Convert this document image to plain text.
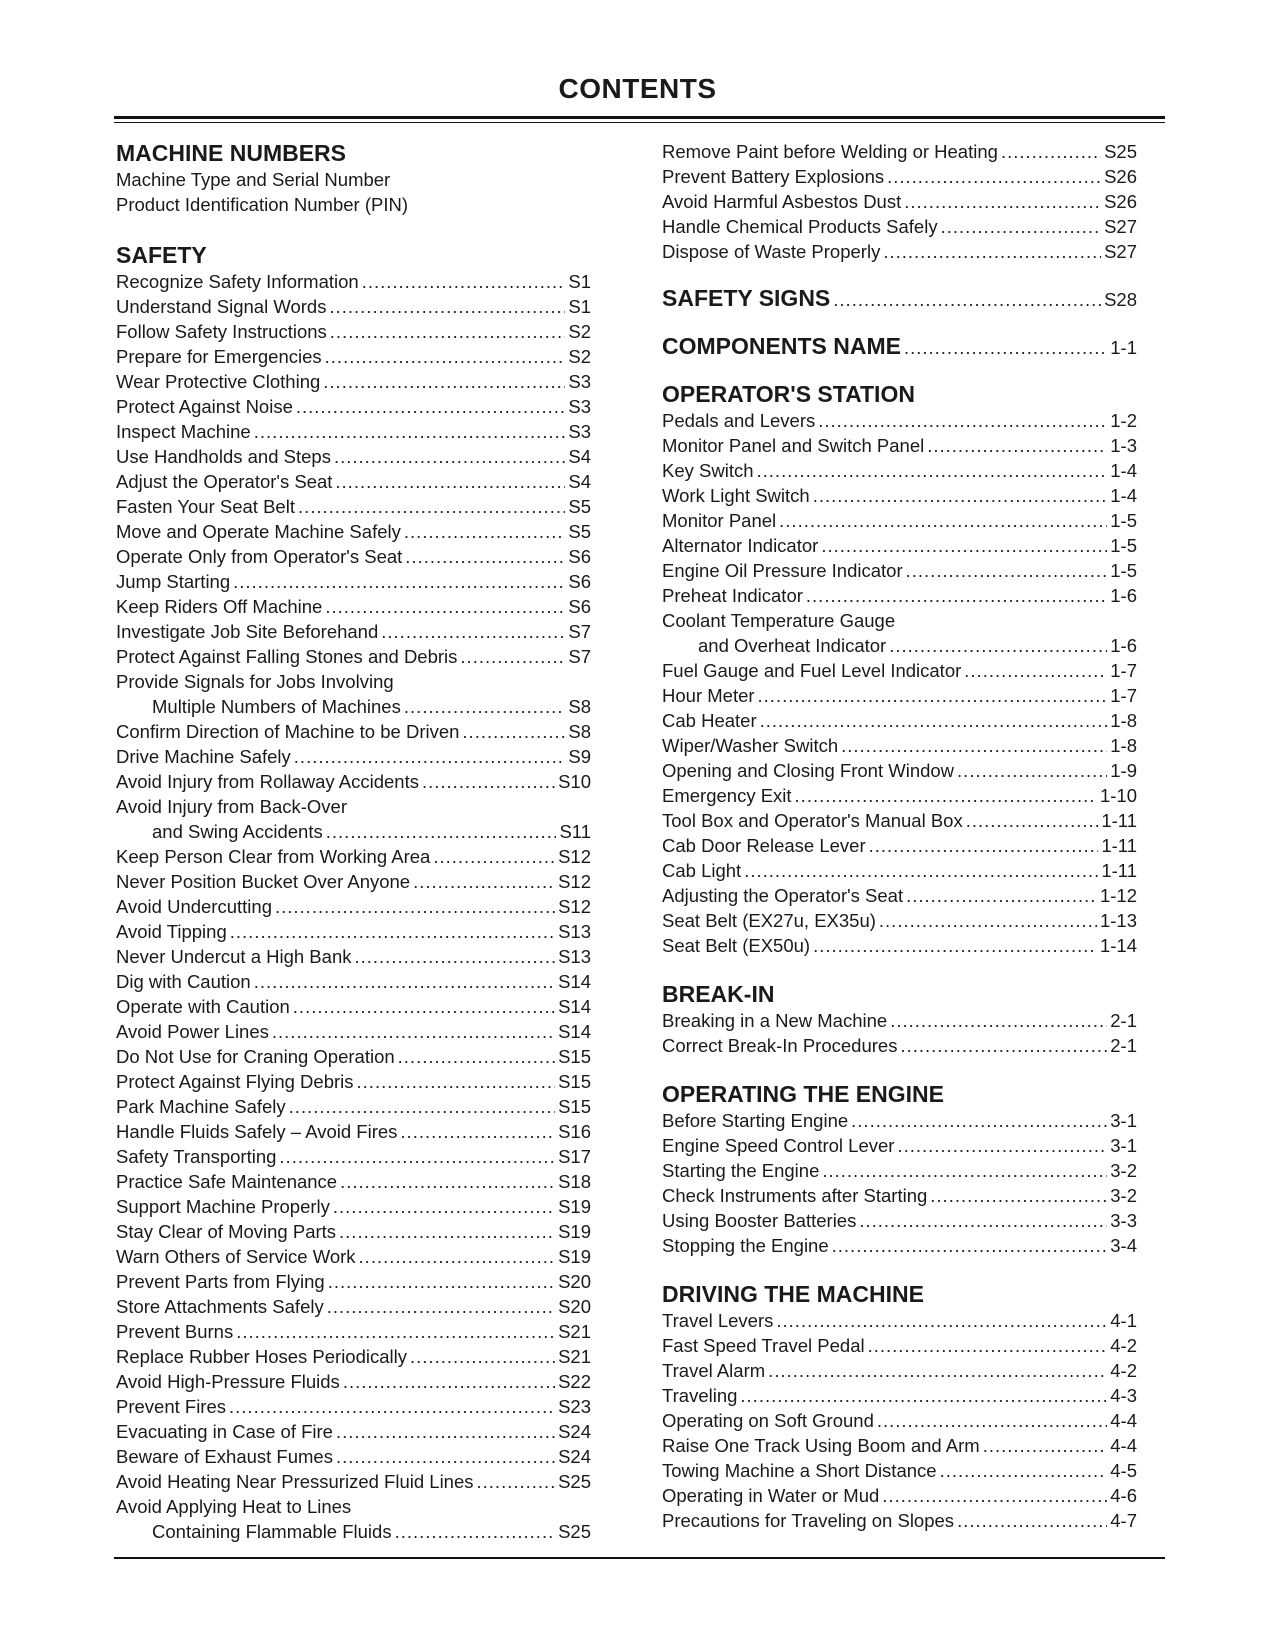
CONTENTS
MACHINE NUMBERS
Machine Type and Serial Number
Product Identification Number (PIN)
SAFETY
Recognize Safety Information .....	S1
Understand Signal Words .....	S1
Follow Safety Instructions .....	S2
Prepare for Emergencies .....	S2
Wear Protective Clothing .....	S3
Protect Against Noise .....	S3
Inspect Machine .....	S3
Use Handholds and Steps .....	S4
Adjust the Operator's Seat .....	S4
Fasten Your Seat Belt .....	S5
Move and Operate Machine Safely .....	S5
Operate Only from Operator's Seat .....	S6
Jump Starting .....	S6
Keep Riders Off Machine .....	S6
Investigate Job Site Beforehand .....	S7
Protect Against Falling Stones and Debris .....	S7
Provide Signals for Jobs Involving
Multiple Numbers of Machines .....	S8
Confirm Direction of Machine to be Driven .....	S8
Drive Machine Safely .....	S9
Avoid Injury from Rollaway Accidents .....	S10
Avoid Injury from Back-Over
and Swing Accidents .....	S11
Keep Person Clear from Working Area .....	S12
Never Position Bucket Over Anyone .....	S12
Avoid Undercutting .....	S12
Avoid Tipping .....	S13
Never Undercut a High Bank .....	S13
Dig with Caution .....	S14
Operate with Caution .....	S14
Avoid Power Lines .....	S14
Do Not Use for Craning Operation .....	S15
Protect Against Flying Debris .....	S15
Park Machine Safely .....	S15
Handle Fluids Safely – Avoid Fires .....	S16
Safety Transporting .....	S17
Practice Safe Maintenance .....	S18
Support Machine Properly .....	S19
Stay Clear of Moving Parts .....	S19
Warn Others of Service Work .....	S19
Prevent Parts from Flying .....	S20
Store Attachments Safely .....	S20
Prevent Burns .....	S21
Replace Rubber Hoses Periodically .....	S21
Avoid High-Pressure Fluids .....	S22
Prevent Fires .....	S23
Evacuating in Case of Fire .....	S24
Beware of Exhaust Fumes .....	S24
Avoid Heating Near Pressurized Fluid Lines .....	S25
Avoid Applying Heat to Lines
Containing Flammable Fluids .....	S25
Remove Paint before Welding or Heating .....	S25
Prevent Battery Explosions .....	S26
Avoid Harmful Asbestos Dust .....	S26
Handle Chemical Products Safely .....	S27
Dispose of Waste Properly .....	S27
SAFETY SIGNS .....	S28
COMPONENTS NAME .....	1-1
OPERATOR'S STATION
Pedals and Levers .....	1-2
Monitor Panel and Switch Panel .....	1-3
Key Switch .....	1-4
Work Light Switch .....	1-4
Monitor Panel .....	1-5
Alternator Indicator .....	1-5
Engine Oil Pressure Indicator .....	1-5
Preheat Indicator .....	1-6
Coolant Temperature Gauge
and Overheat Indicator .....	1-6
Fuel Gauge and Fuel Level Indicator .....	1-7
Hour Meter .....	1-7
Cab Heater .....	1-8
Wiper/Washer Switch .....	1-8
Opening and Closing Front Window .....	1-9
Emergency Exit .....	1-10
Tool Box and Operator's Manual Box .....	1-11
Cab Door Release Lever .....	1-11
Cab Light .....	1-11
Adjusting the Operator's Seat .....	1-12
Seat Belt (EX27u, EX35u) .....	1-13
Seat Belt (EX50u) .....	1-14
BREAK-IN
Breaking in a New Machine .....	2-1
Correct Break-In Procedures .....	2-1
OPERATING THE ENGINE
Before Starting Engine .....	3-1
Engine Speed Control Lever .....	3-1
Starting the Engine .....	3-2
Check Instruments after Starting .....	3-2
Using Booster Batteries .....	3-3
Stopping the Engine .....	3-4
DRIVING THE MACHINE
Travel Levers .....	4-1
Fast Speed Travel Pedal .....	4-2
Travel Alarm .....	4-2
Traveling .....	4-3
Operating on Soft Ground .....	4-4
Raise One Track Using Boom and Arm .....	4-4
Towing Machine a Short Distance .....	4-5
Operating in Water or Mud .....	4-6
Precautions for Traveling on Slopes .....	4-7
